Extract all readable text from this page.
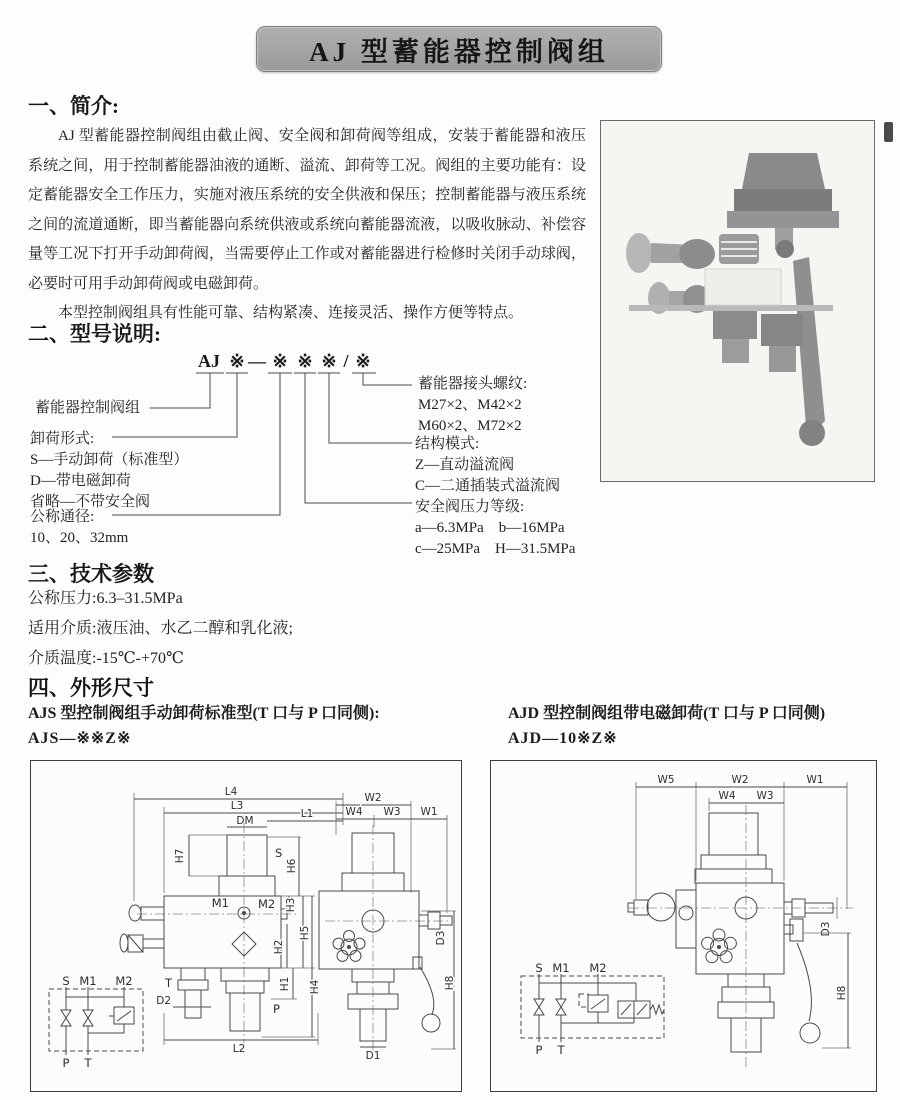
AJ 型蓄能器控制阀组
一、简介:

AJ 型蓄能器控制阀组由截止阀、安全阀和卸荷阀等组成，安装于蓄能器和液压系统之间，用于控制蓄能器油液的通断、溢流、卸荷等工况。阀组的主要功能有：设定蓄能器安全工作压力，实施对液压系统的安全供液和保压；控制蓄能器与液压系统之间的流道通断，即当蓄能器向系统供液或系统向蓄能器流液，以吸收脉动、补偿容量等工况下打开手动卸荷阀，当需要停止工作或对蓄能器进行检修时关闭手动球阀，必要时可用手动卸荷阀或电磁卸荷。

本型控制阀组具有性能可靠、结构紧凑、连接灵活、操作方便等特点。

二、型号说明:
AJ ※ — ※ ※ ※ / ※
蓄能器控制阀组
卸荷形式:
S—手动卸荷（标准型）
D—带电磁卸荷
省略—不带安全阀
公称通径:
10、20、32mm
蓄能器接头螺纹:
M27×2、M42×2
M60×2、M72×2
结构模式:
Z—直动溢流阀
C—二通插装式溢流阀
安全阀压力等级:
a—6.3MPa　b—16MPa
c—25MPa　H—31.5MPa
三、技术参数
公称压力:6.3–31.5MPa
适用介质:液压油、水乙二醇和乳化液;
介质温度:-15℃-+70℃
四、外形尺寸
AJS 型控制阀组手动卸荷标准型(T 口与 P 口同侧):
AJS—※※Z※
AJD 型控制阀组带电磁卸荷(T 口与 P 口同侧)
AJD—10※Z※
L4
L3
DM
L1
H7	S
M1	M2
H6
H3
H2
H5
H1 H4
T
D2
P
L2
W2
W4 W3 W1
D3
H8
D1
S M1 M2
P T
W5	W2	W1
W4 W3
D3
H8
S M1 M2
P T
